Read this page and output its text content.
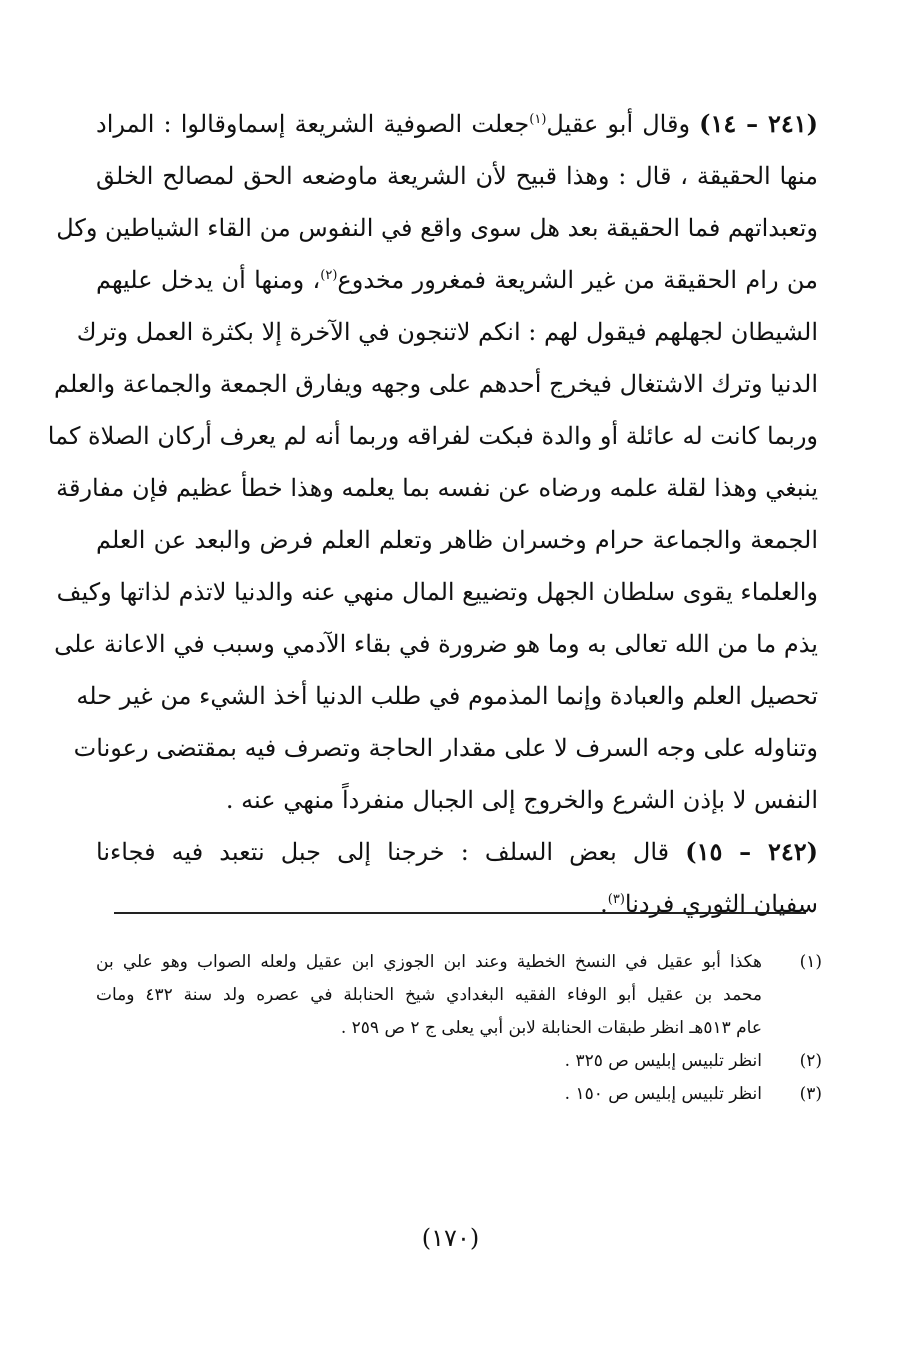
(٢٤١ – ١٤) وقال أبو عقيل$^{(١)}$جعلت الصوفية الشريعة إسماوقالوا : المراد
منها الحقيقة ، قال : وهذا قبيح لأن الشريعة ماوضعه الحق لمصالح الخلق
وتعبداتهم فما الحقيقة بعد هل سوى واقع في النفوس من القاء الشياطين وكل
من رام الحقيقة من غير الشريعة فمغرور مخدوع$^{(٢)}$، ومنها أن يدخل عليهم
الشيطان لجهلهم فيقول لهم : انكم لاتنجون في الآخرة إلا بكثرة العمل وترك
الدنيا وترك الاشتغال فيخرج أحدهم على وجهه ويفارق الجمعة والجماعة والعلم
وربما كانت له عائلة أو والدة فبكت لفراقه وربما أنه لم يعرف أركان الصلاة كما
ينبغي وهذا لقلة علمه ورضاه عن نفسه بما يعلمه وهذا خطأ عظيم فإن مفارقة
الجمعة والجماعة حرام وخسران ظاهر وتعلم العلم فرض والبعد عن العلم
والعلماء يقوى سلطان الجهل وتضييع المال منهي عنه والدنيا لاتذم لذاتها وكيف
يذم ما من الله تعالى به وما هو ضرورة في بقاء الآدمي وسبب في الاعانة على
تحصيل العلم والعبادة وإنما المذموم في طلب الدنيا أخذ الشيء من غير حله
وتناوله على وجه السرف لا على مقدار الحاجة وتصرف فيه بمقتضى رعونات
النفس لا بإذن الشرع والخروج إلى الجبال منفرداً منهي عنه .
(٢٤٢ – ١٥) قال بعض السلف : خرجنا إلى جبل نتعبد فيه فجاءنا
سفيان الثوري فردنا$^{(٣)}$.
(١)
هكذا أبو عقيل في النسخ الخطية وعند ابن الجوزي ابن عقيل ولعله الصواب وهو علي بن
محمد بن عقيل أبو الوفاء الفقيه البغدادي شيخ الحنابلة في عصره ولد سنة ٤٣٢ ومات
عام ٥١٣هـ انظر طبقات الحنابلة لابن أبي يعلى ج ٢ ص ٢٥٩ .
(٢)
انظر تلبيس إبليس ص ٣٢٥ .
(٣)
انظر تلبيس إبليس ص ١٥٠ .
(١٧٠)
